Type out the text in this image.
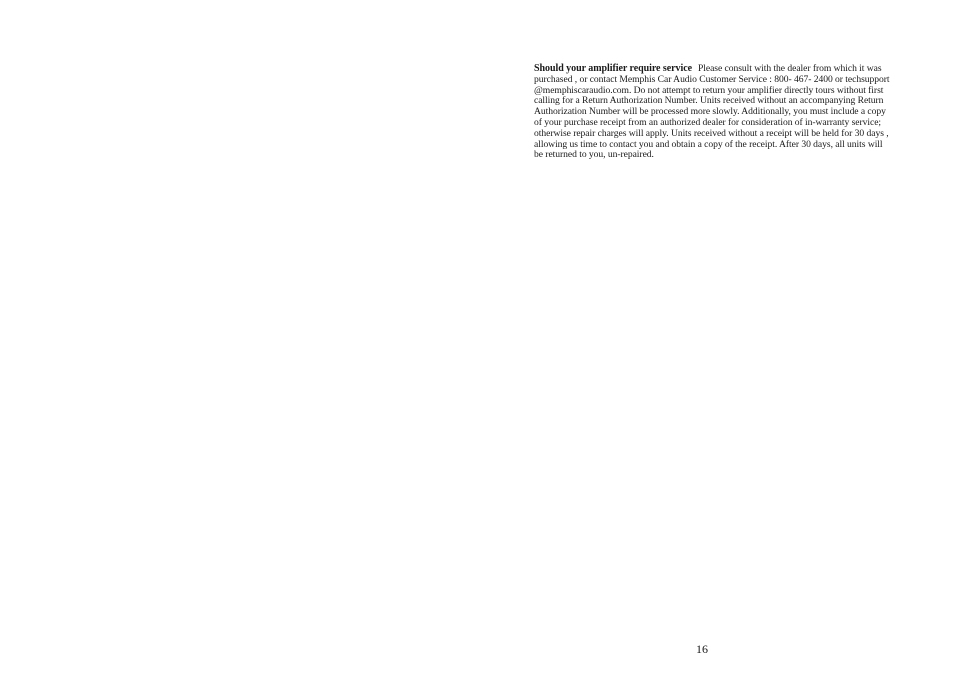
Should your amplifier require service Please consult with the dealer from which it was
purchased , or contact Memphis Car Audio Customer Service : 800- 467- 2400 or techsupport
@memphiscaraudio.com. Do not attempt to return your amplifier directly tours without first
calling for a Return Authorization Number. Units received without an accompanying Return
Authorization Number will be processed more slowly. Additionally, you must include a copy
of your purchase receipt from an authorized dealer for consideration of in-warranty service;
otherwise repair charges will apply. Units received without a receipt will be held for 30 days ,
allowing us time to contact you and obtain a copy of the receipt. After 30 days, all units will
be returned to you, un-repaired.
16
